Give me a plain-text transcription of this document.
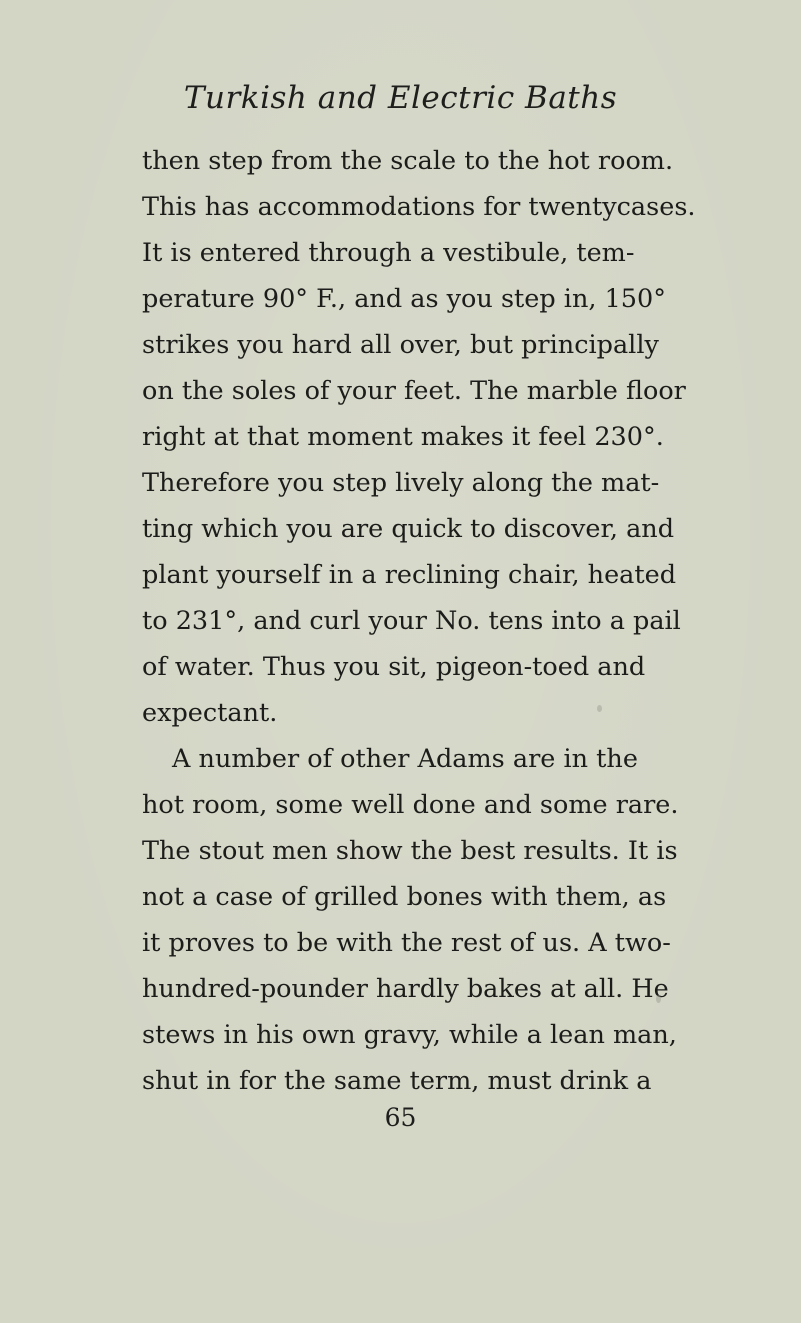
Turkish and Electric Baths

then step from the scale to the hot room.

This has accommodations for twentycases.

It is entered through a vestibule, tem-

perature 90° F., and as you step in, 150°

strikes you hard all over, but principally

on the soles of your feet. The marble floor

right at that moment makes it feel 230°.

Therefore you step lively along the mat-

ting which you are quick to discover, and

plant yourself in a reclining chair, heated

to 231°, and curl your No. tens into a pail

of water. Thus you sit, pigeon-toed and

expectant.

A number of other Adams are in the

hot room, some well done and some rare.

The stout men show the best results. It is

not a case of grilled bones with them, as

it proves to be with the rest of us. A two-

hundred-pounder hardly bakes at all. He

stews in his own gravy, while a lean man,

shut in for the same term, must drink a

65
